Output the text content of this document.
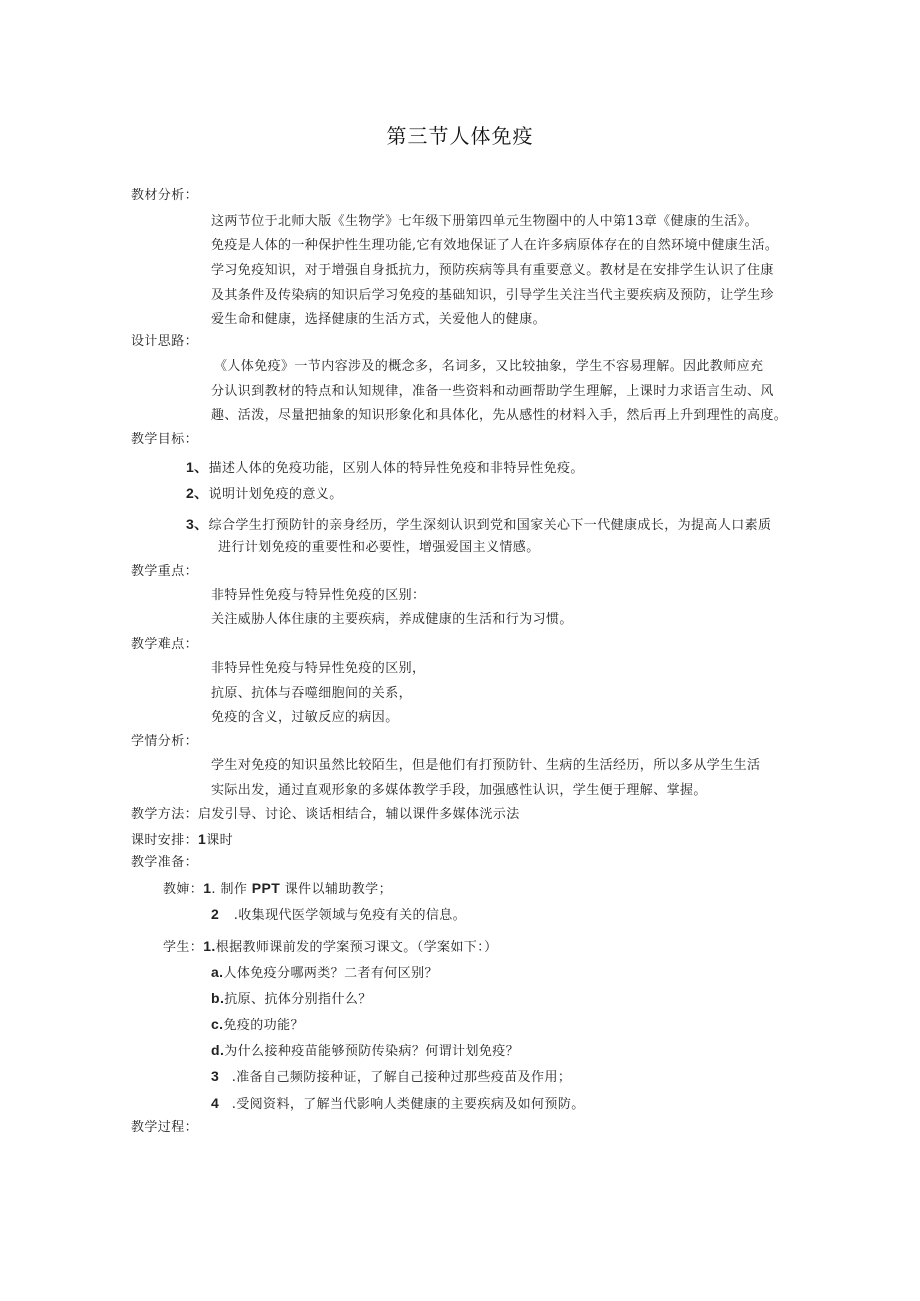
第三节人体免疫
教材分析：
这两节位于北师大版《生物学》七年级下册第四单元生物圈中的人中第13章《健康的生活》。
免疫是人体的一种保护性生理功能,它有效地保证了人在许多病原体存在的自然环境中健康生活。
学习免疫知识，对于增强自身抵抗力，预防疾病等具有重要意义。教材是在安排学生认识了住康
及其条件及传染病的知识后学习免疫的基础知识，引导学生关注当代主要疾病及预防，让学生珍
爱生命和健康，选择健康的生活方式，关爱他人的健康。
设计思路：
《人体免疫》一节内容涉及的概念多，名词多，又比较抽象，学生不容易理解。因此教师应充
分认识到教材的特点和认知规律，准备一些资料和动画帮助学生理解，上课时力求语言生动、风
趣、活泼，尽量把抽象的知识形象化和具体化，先从感性的材料入手，然后再上升到理性的高度。
教学目标：
1、描述人体的免疫功能，区别人体的特异性免疫和非特异性免疫。
2、说明计划免疫的意义。
3、综合学生打预防针的亲身经历，学生深刻认识到党和国家关心下一代健康成长，为提高人口素质
进行计划免疫的重要性和必要性，增强爱国主义情感。
教学重点：
非特异性免疫与特异性免疫的区别：
关注威胁人体住康的主要疾病，养成健康的生活和行为习惯。
教学难点：
非特异性免疫与特异性免疫的区别，
抗原、抗体与吞噬细胞间的关系，
免疫的含义，过敏反应的病因。
学情分析：
学生对免疫的知识虽然比较陌生，但是他们有打预防针、生病的生活经历，所以多从学生生活
实际出发，通过直观形象的多媒体教学手段，加强感性认识，学生便于理解、掌握。
教学方法：启发引导、讨论、谈话相结合，辅以课件多媒体洸示法
课时安排：1课时
教学准备：
教婶：1. 制作 PPT 课件以辅助教学；
2 .收集现代医学领域与免疫有关的信息。
学生：1.根据教师课前发的学案预习课文。（学案如下：）
a.人体免疫分哪两类？二者有何区别？
b.抗原、抗体分别指什么？
c.免疫的功能？
d.为什么接种疫苗能够预防传染病？何谓计划免疫？
3 .准备自己频防接种证，了解自己接种过那些疫苗及作用；
4 .受阅资料，了解当代影响人类健康的主要疾病及如何预防。
教学过程：
